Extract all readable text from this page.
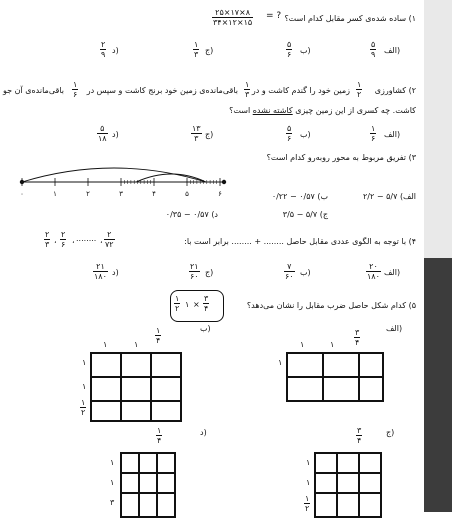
۱) ساده شده‌ی کسر مقابل کدام است؟
۲۵×۱۷×۸
۳۴×۱۲×۱۵
= ?
الف)
۵
۹
ب)
۵
۶
ج)
۱
۳
د)
۲
۹
۲) کشاورزی
۱
۲
زمین خود را گندم کاشت و در
۱
۳
باقی‌مانده‌ی زمین خود برنج کاشت و سپس در
۱
۶
باقی‌مانده‌ی آن جو
کاشت. چه کسری از این زمین چیزی کاشته نشده است؟
الف)
۱
۶
ب)
۵
۶
ج)
۱۳
۳
د)
۵
۱۸
۳) تفریق مربوط به محور روبه‌رو کدام است؟
۰	۱	۲	۳	۴	۵	۶	الف) ۵/۷ − ۲/۲
ب) ۰/۵۷ − ۰/۲۲
ج) ۵/۷ − ۳/۵
د) ۰/۵۷ − ۰/۳۵
۴) با توجه به الگوی عددی مقابل حاصل ........ + ........ برابر است با:
۲
۳ ،
۲
۶ ، ........ ،
۲
۷۲
الف)
۲۰
۱۸۰
ب)
۷
۶۰
ج)
۲۱
۶۰
د)
۲۱
۱۸۰
۵) کدام شکل حاصل ضرب مقابل را نشان می‌دهد؟
۱
۲ ۱ ×
۳
۴
الف)
۱	۱
۳
۴
۱
ب)
۱	۱
۱
۴
۱
۱
۱
۲
ج)
۳
۴
۱
۱
۱
۲
د)
۱
۴
۱
۱
۳
